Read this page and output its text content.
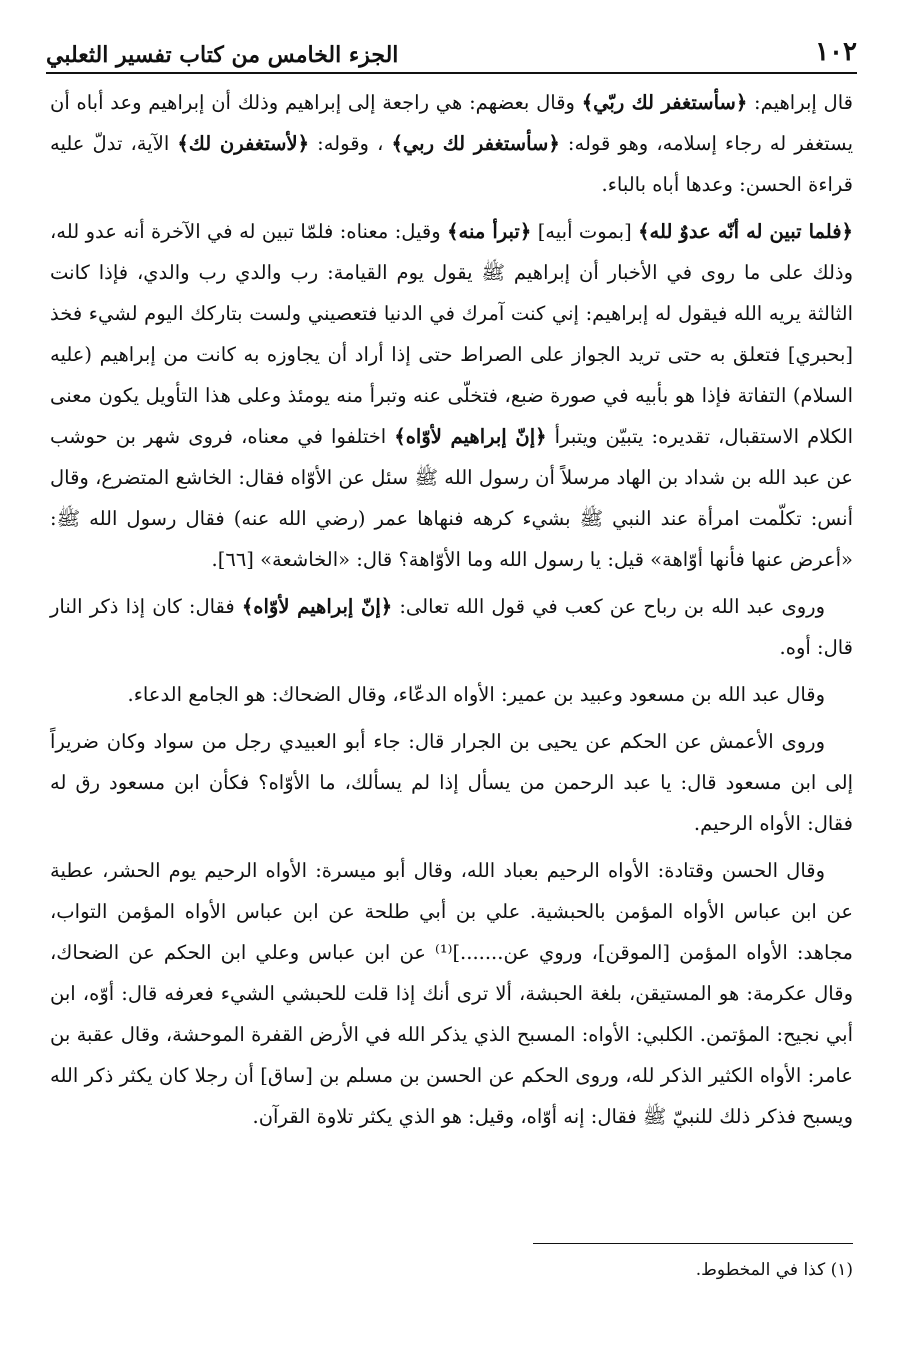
١٠٢
الجزء الخامس من كتاب تفسير الثعلبي

قال إبراهيم: ﴿سأستغفر لك ربّي﴾ وقال بعضهم: هي راجعة إلى إبراهيم وذلك أن إبراهيم وعد أباه أن يستغفر له رجاء إسلامه، وهو قوله: ﴿سأستغفر لك ربي﴾ ، وقوله: ﴿لأستغفرن لك﴾ الآية، تدلّ عليه قراءة الحسن: وعدها أباه بالباء.

﴿فلما تبين له أنّه عدوٌ لله﴾ [بموت أبيه] ﴿تبرأ منه﴾ وقيل: معناه: فلمّا تبين له في الآخرة أنه عدو لله، وذلك على ما روى في الأخبار أن إبراهيم ﷺ يقول يوم القيامة: رب والدي رب والدي، فإذا كانت الثالثة يريه الله فيقول له إبراهيم: إني كنت آمرك في الدنيا فتعصيني ولست بتاركك اليوم لشيء فخذ [بحبري] فتعلق به حتى تريد الجواز على الصراط حتى إذا أراد أن يجاوزه به كانت من إبراهيم (عليه السلام) التفاتة فإذا هو بأبيه في صورة ضبع، فتخلّى عنه وتبرأ منه يومئذ وعلى هذا التأويل يكون معنى الكلام الاستقبال، تقديره: يتبيّن ويتبرأ ﴿إنّ إبراهيم لأوّاه﴾ اختلفوا في معناه، فروى شهر بن حوشب عن عبد الله بن شداد بن الهاد مرسلاً أن رسول الله ﷺ سئل عن الأوّاه فقال: الخاشع المتضرع، وقال أنس: تكلّمت امرأة عند النبي ﷺ بشيء كرهه فنهاها عمر (رضي الله عنه) فقال رسول الله ﷺ: «أعرض عنها فأنها أوّاهة» قيل: يا رسول الله وما الأوّاهة؟ قال: «الخاشعة» [٦٦].

وروى عبد الله بن رباح عن كعب في قول الله تعالى: ﴿إنّ إبراهيم لأوّاه﴾ فقال: كان إذا ذكر النار قال: أوه.

وقال عبد الله بن مسعود وعبيد بن عمير: الأواه الدعّاء، وقال الضحاك: هو الجامع الدعاء.

وروى الأعمش عن الحكم عن يحيى بن الجرار قال: جاء أبو العبيدي رجل من سواد وكان ضريراً إلى ابن مسعود قال: يا عبد الرحمن من يسأل إذا لم يسألك، ما الأوّاه؟ فكأن ابن مسعود رق له فقال: الأواه الرحيم.

وقال الحسن وقتادة: الأواه الرحيم بعباد الله، وقال أبو ميسرة: الأواه الرحيم يوم الحشر، عطية عن ابن عباس الأواه المؤمن بالحبشية. علي بن أبي طلحة عن ابن عباس الأواه المؤمن التواب، مجاهد: الأواه المؤمن [الموقن]، وروي عن.......]⁽¹⁾ عن ابن عباس وعلي ابن الحكم عن الضحاك، وقال عكرمة: هو المستيقن، بلغة الحبشة، ألا ترى أنك إذا قلت للحبشي الشيء فعرفه قال: أوّه، ابن أبي نجيح: المؤتمن. الكلبي: الأواه: المسبح الذي يذكر الله في الأرض القفرة الموحشة، وقال عقبة بن عامر: الأواه الكثير الذكر لله، وروى الحكم عن الحسن بن مسلم بن [ساق] أن رجلا كان يكثر ذكر الله ويسبح فذكر ذلك للنبيّ ﷺ فقال: إنه أوّاه، وقيل: هو الذي يكثر تلاوة القرآن.

(١) كذا في المخطوط.
